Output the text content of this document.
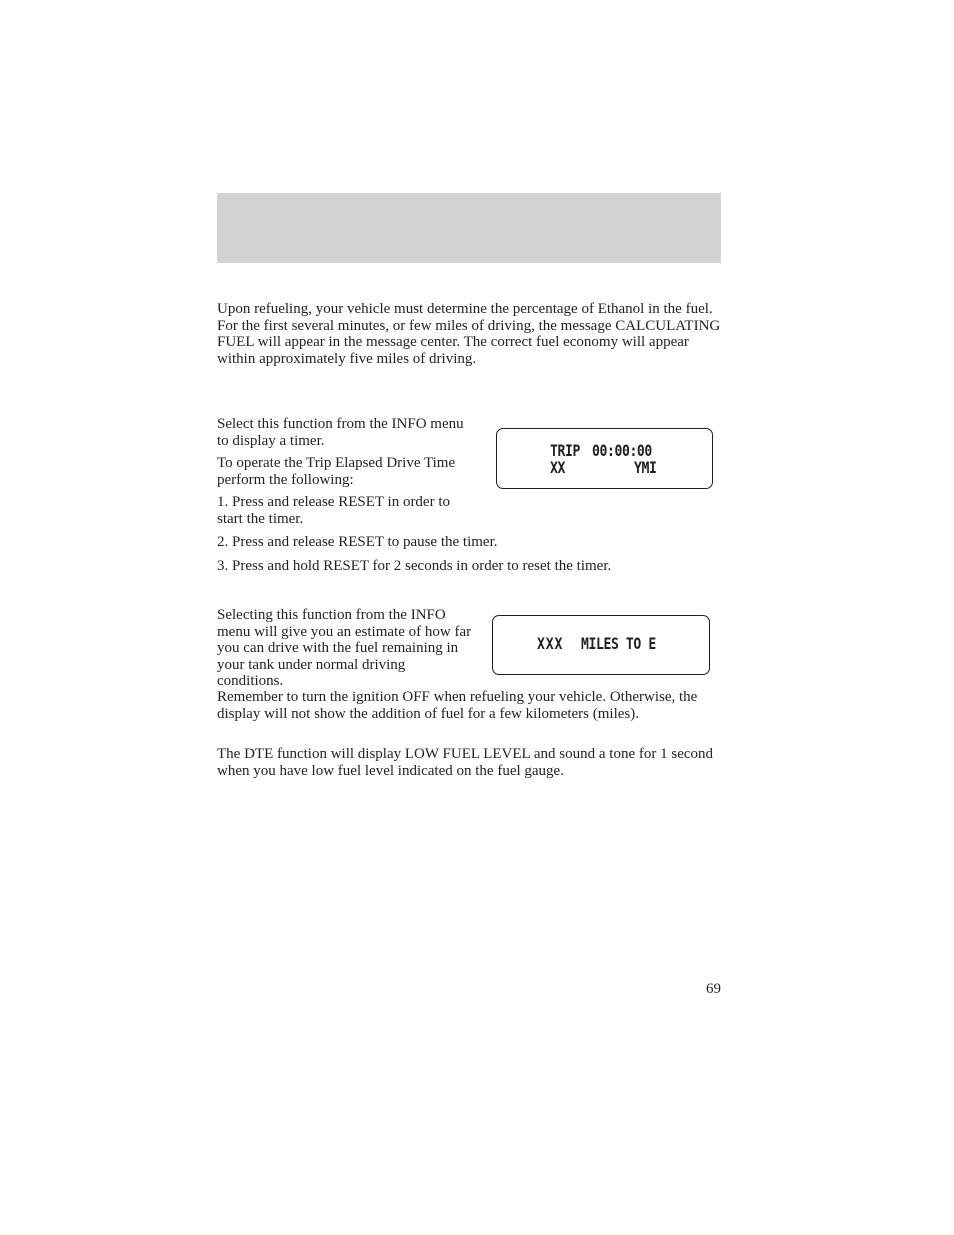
Upon refueling, your vehicle must determine the percentage of Ethanol in the fuel. For the first several minutes, or few miles of driving, the message CALCULATING FUEL will appear in the message center. The correct fuel economy will appear within approximately five miles of driving.

Select this function from the INFO menu to display a timer.

To operate the Trip Elapsed Drive Time perform the following:

1. Press and release RESET in order to start the timer.

2. Press and release RESET to pause the timer.

3. Press and hold RESET for 2 seconds in order to reset the timer.

TRIP 00:00:00
XX	YMI

Selecting this function from the INFO menu will give you an estimate of how far you can drive with the fuel remaining in your tank under normal driving conditions.

Remember to turn the ignition OFF when refueling your vehicle. Otherwise, the display will not show the addition of fuel for a few kilometers (miles).

The DTE function will display LOW FUEL LEVEL and sound a tone for 1 second when you have low fuel level indicated on the fuel gauge.

XXX MILES TO E
69
